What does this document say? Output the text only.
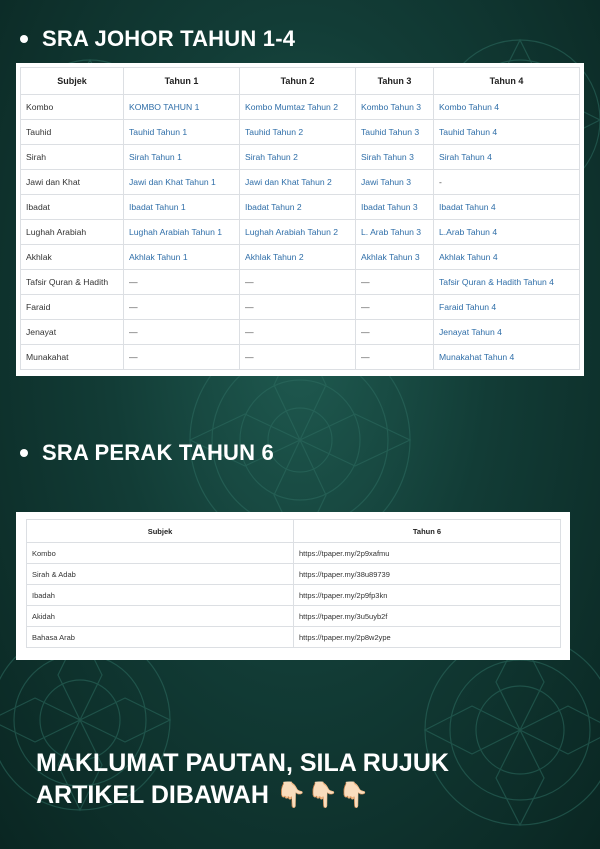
SRA JOHOR TAHUN 1-4
Subjek	Tahun 1	Tahun 2	Tahun 3	Tahun 4
Kombo	KOMBO TAHUN 1	Kombo Mumtaz Tahun 2	Kombo Tahun 3	Kombo Tahun 4
Tauhid	Tauhid Tahun 1	Tauhid Tahun 2	Tauhid Tahun 3	Tauhid Tahun 4
Sirah	Sirah Tahun 1	Sirah Tahun 2	Sirah Tahun 3	Sirah Tahun 4
Jawi dan Khat	Jawi dan Khat Tahun 1	Jawi dan Khat Tahun 2	Jawi Tahun 3	-
Ibadat	Ibadat Tahun 1	Ibadat Tahun 2	Ibadat Tahun 3	Ibadat Tahun 4
Lughah Arabiah	Lughah Arabiah Tahun 1	Lughah Arabiah Tahun 2	L. Arab Tahun 3	L.Arab Tahun 4
Akhlak	Akhlak Tahun 1	Akhlak Tahun 2	Akhlak Tahun 3	Akhlak Tahun 4
Tafsir Quran & Hadith	—	—	—	Tafsir Quran & Hadith Tahun 4
Faraid	—	—	—	Faraid Tahun 4
Jenayat	—	—	—	Jenayat Tahun 4
Munakahat	—	—	—	Munakahat Tahun 4
SRA PERAK TAHUN 6
Subjek	Tahun 6
Kombo	https://tpaper.my/2p9xafmu
Sirah & Adab	https://tpaper.my/38u89739
Ibadah	https://tpaper.my/2p9fp3kn
Akidah	https://tpaper.my/3u5uyb2f
Bahasa Arab	https://tpaper.my/2p8w2ype
MAKLUMAT PAUTAN, SILA RUJUK
ARTIKEL DIBAWAH 👇🏻👇🏻👇🏻
